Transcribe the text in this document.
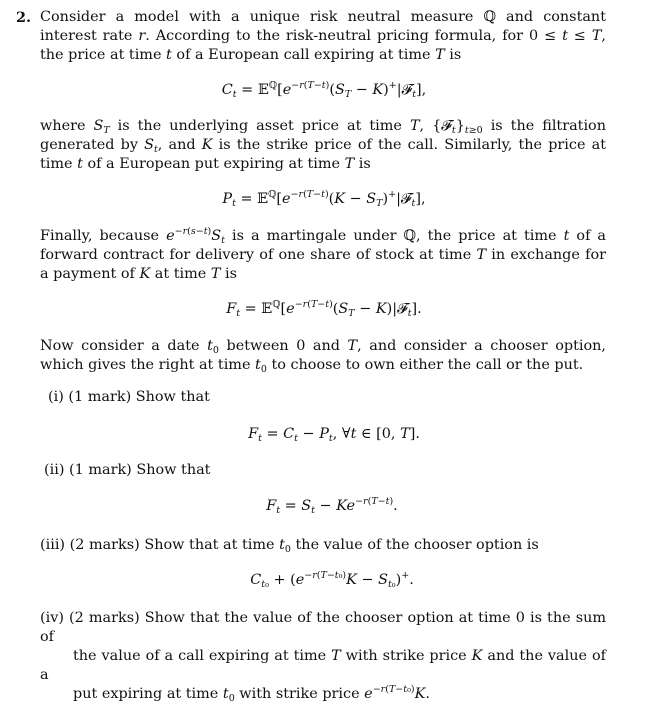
2. Consider a model with a unique risk neutral measure ℚ and constant interest rate r. According to the risk-neutral pricing formula, for 0 ≤ t ≤ T, the price at time t of a European call expiring at time T is
$C_t$ = $𝔼^ℚ[e^{-r(T-t)}(S_T$ − K)+|𝓕$_t$],
where $S_T$ is the underlying asset price at time T, $\{𝓕_t\}_{t\ge 0}$ is the filtration generated by $S_t$, and K is the strike price of the call. Similarly, the price at time t of a European put expiring at time T is
$P_t$ = $𝔼^ℚ[e^{-r(T-t)}(K$ − $S_T)^+|𝓕_t$],
Finally, because $e^{-r(s-t)}S_t$ is a martingale under ℚ, the price at time t of a forward contract for delivery of one share of stock at time T in exchange for a payment of K at time T is
$F_t$ = $𝔼^ℚ[e^{-r(T-t)}(S_T$ − K)|𝓕$_t$].
Now consider a date $t_0$ between 0 and T, and consider a chooser option, which gives the right at time $t_0$ to choose to own either the call or the put.
(i) (1 mark) Show that
$F_t = C_t - P_t$, ∀t ∈ [0, T].
(ii) (1 mark) Show that
$F_t = S_t - Ke^{-r(T-t)}$.
(iii) (2 marks) Show that at time $t_0$ the value of the chooser option is
$C_{t_0} + (e^{-r(T-t_0)}K - S_{t_0})^+$.
(iv) (2 marks) Show that the value of the chooser option at time 0 is the sum of
the value of a call expiring at time T with strike price K and the value of a
put expiring at time $t_0$ with strike price $e^{-r(T-t_0)}K$.
